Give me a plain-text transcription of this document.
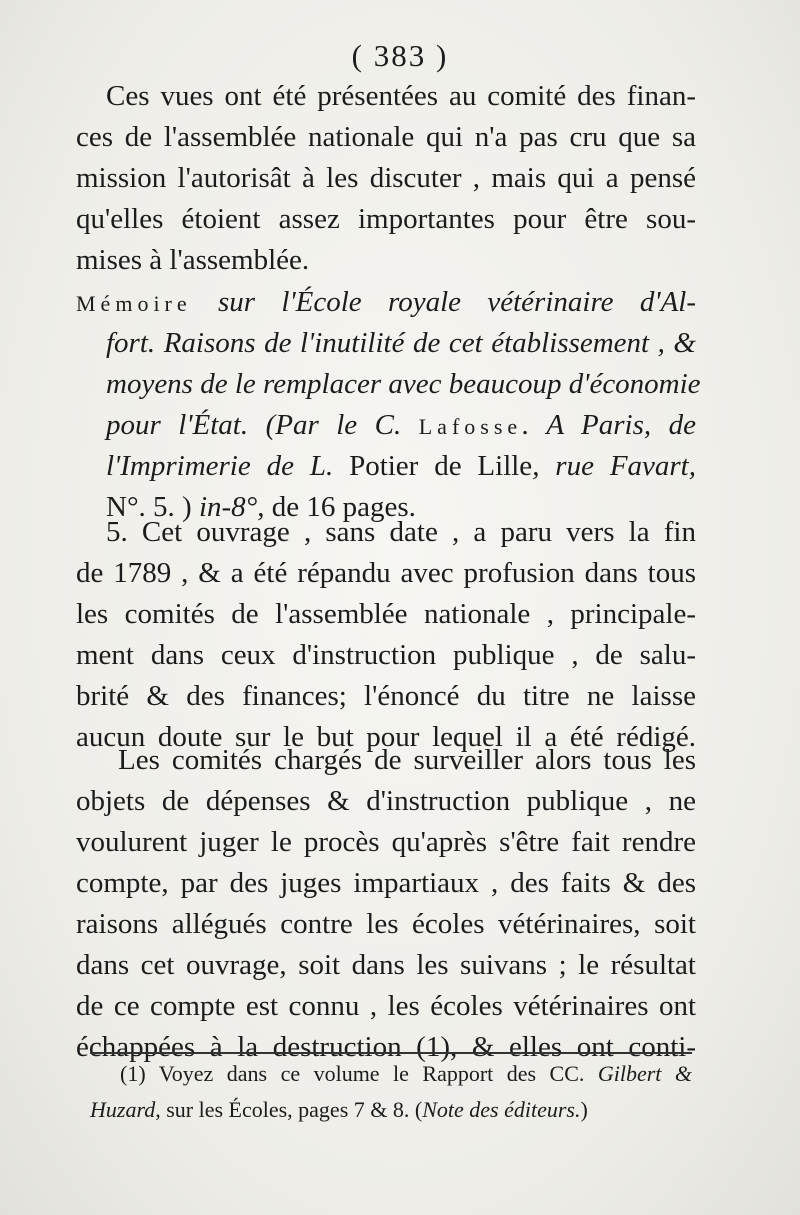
( 383 )
Ces vues ont été présentées au comité des finan-
ces de l'assemblée nationale qui n'a pas cru que sa
mission l'autorisât à les discuter , mais qui a pensé
qu'elles étoient assez importantes pour être sou-
mises à l'assemblée.
Mémoire sur l'École royale vétérinaire d'Al-
fort. Raisons de l'inutilité de cet établissement , &
moyens de le remplacer avec beaucoup d'économie
pour l'État. (Par le C. Lafosse. A Paris, de
l'Imprimerie de L. Potier de Lille, rue Favart,
N°. 5. ) in-8°, de 16 pages.
5. Cet ouvrage , sans date , a paru vers la fin
de 1789 , & a été répandu avec profusion dans tous
les comités de l'assemblée nationale , principale-
ment dans ceux d'instruction publique , de salu-
brité & des finances; l'énoncé du titre ne laisse
aucun doute sur le but pour lequel il a été rédigé.
Les comités chargés de surveiller alors tous les
objets de dépenses & d'instruction publique , ne
voulurent juger le procès qu'après s'être fait rendre
compte, par des juges impartiaux , des faits & des
raisons allégués contre les écoles vétérinaires, soit
dans cet ouvrage, soit dans les suivans ; le résultat
de ce compte est connu , les écoles vétérinaires ont
échappées à la destruction (1), & elles ont conti-
(1) Voyez dans ce volume le Rapport des CC. Gilbert &
Huzard, sur les Écoles, pages 7 & 8. (Note des éditeurs.)
